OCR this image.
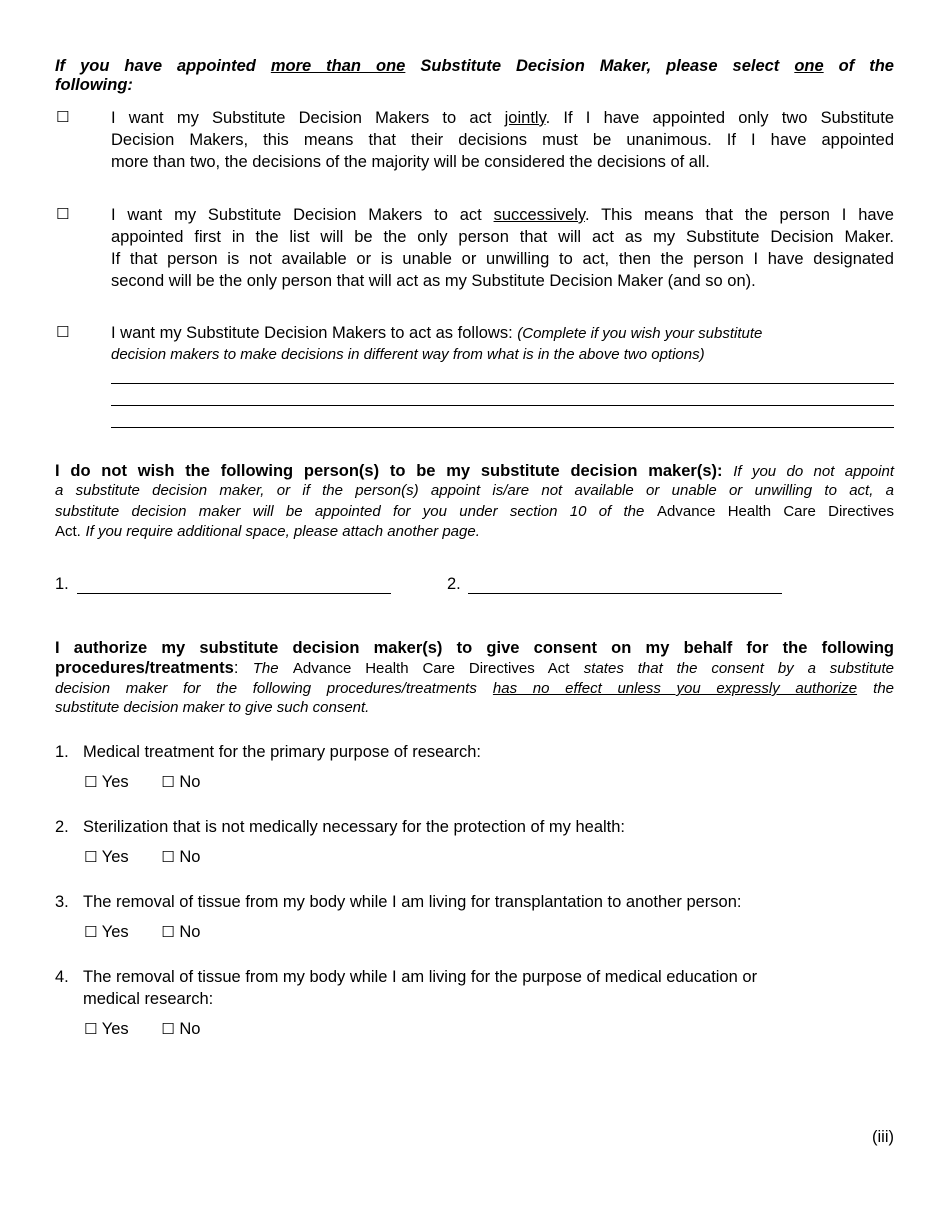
If you have appointed more than one Substitute Decision Maker, please select one of the
following:
☐	I want my Substitute Decision Makers to act jointly. If I have appointed only two Substitute
Decision Makers, this means that their decisions must be unanimous. If I have appointed
more than two, the decisions of the majority will be considered the decisions of all.
☐	I want my Substitute Decision Makers to act successively. This means that the person I have
appointed first in the list will be the only person that will act as my Substitute Decision Maker.
If that person is not available or is unable or unwilling to act, then the person I have designated
second will be the only person that will act as my Substitute Decision Maker (and so on).
☐	I want my Substitute Decision Makers to act as follows: (Complete if you wish your substitute
decision makers to make decisions in different way from what is in the above two options)
I do not wish the following person(s) to be my substitute decision maker(s): If you do not appoint
a substitute decision maker, or if the person(s) appoint is/are not available or unable or unwilling to act, a
substitute decision maker will be appointed for you under section 10 of the Advance Health Care Directives
Act. If you require additional space, please attach another page.
1.	2.
I authorize my substitute decision maker(s) to give consent on my behalf for the following
procedures/treatments: The Advance Health Care Directives Act states that the consent by a substitute
decision maker for the following procedures/treatments has no effect unless you expressly authorize the
substitute decision maker to give such consent.
1. Medical treatment for the primary purpose of research:
☐ Yes ☐ No
2. Sterilization that is not medically necessary for the protection of my health:
☐ Yes ☐ No
3. The removal of tissue from my body while I am living for transplantation to another person:
☐ Yes ☐ No
4. The removal of tissue from my body while I am living for the purpose of medical education or
medical research:
☐ Yes ☐ No
(iii)
